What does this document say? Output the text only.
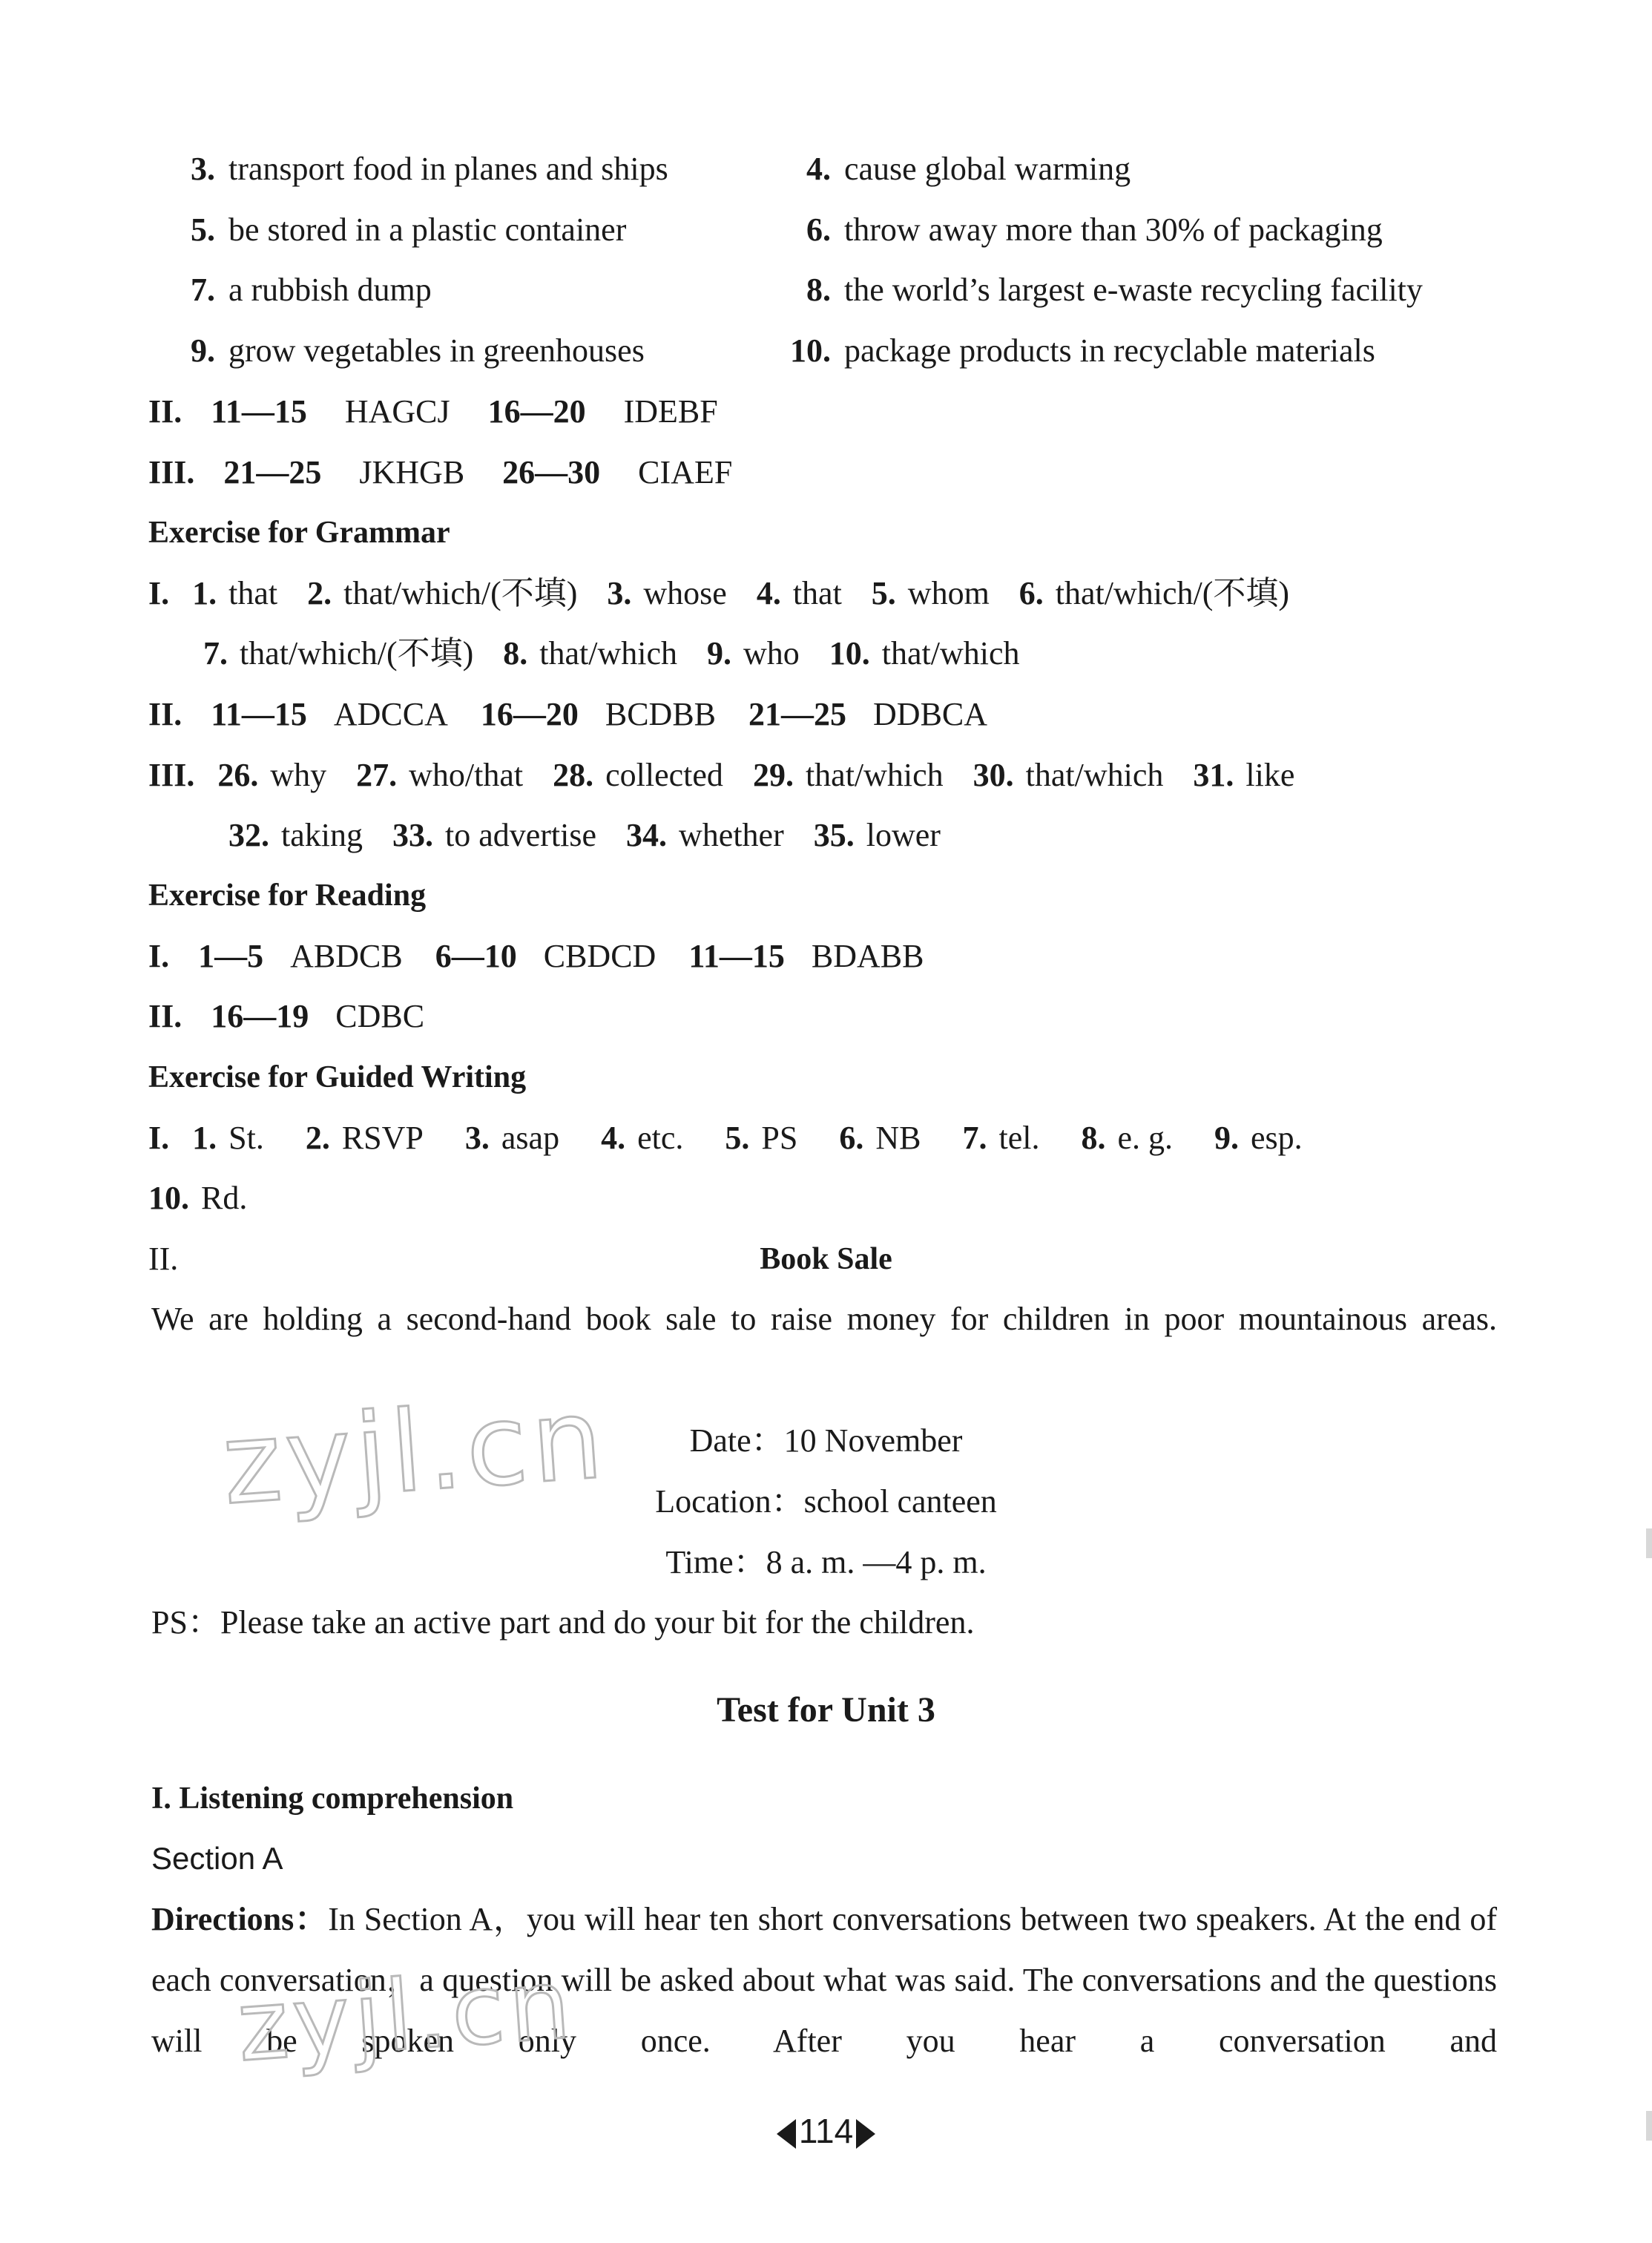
3. transport food in planes and ships	4. cause global warming
5. be stored in a plastic container	6. throw away more than 30% of packaging
7. a rubbish dump	8. the world’s largest e-waste recycling facility
9. grow vegetables in greenhouses	10. package products in recyclable materials
II. 11—15 HAGCJ 16—20 IDEBF
III. 21—25 JKHGB 26—30 CIAEF
Exercise for Grammar
I. 1. that 2. that/which/(不填) 3. whose 4. that 5. whom 6. that/which/(不填)
7. that/which/(不填) 8. that/which 9. who 10. that/which
II. 11—15 ADCCA 16—20 BCDBB 21—25 DDBCA
III. 26. why 27. who/that 28. collected 29. that/which 30. that/which 31. like
32. taking 33. to advertise 34. whether 35. lower
Exercise for Reading
I. 1—5 ABDCB 6—10 CBDCD 11—15 BDABB
II. 16—19 CDBC
Exercise for Guided Writing
I. 1. St. 2. RSVP 3. asap 4. etc. 5. PS 6. NB 7. tel. 8. e. g. 9. esp.
10. Rd.
II.	Book Sale
We are holding a second-hand book sale to raise money for children in poor mountainous areas.
Date：10 November
Location：school canteen
Time：8 a. m. —4 p. m.
PS：Please take an active part and do your bit for the children.
Test for Unit 3
I. Listening comprehension
Section A
Directions：In Section A，you will hear ten short conversations between two speakers. At the end of each conversation，a question will be asked about what was said. The conversations and the questions will be spoken only once. After you hear a conversation and
zyjl.cn
zyjl.cn
114
